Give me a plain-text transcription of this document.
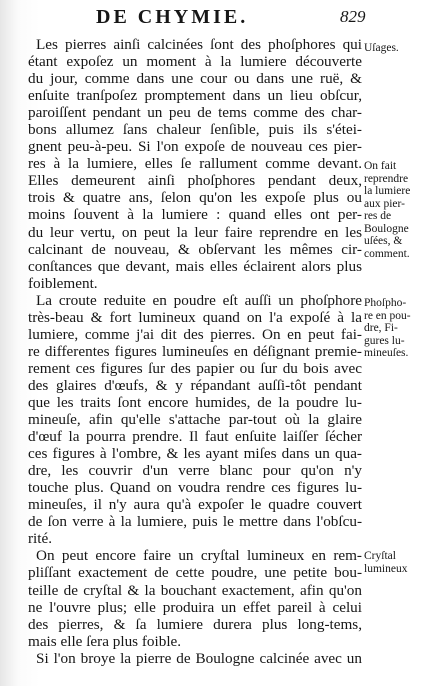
DE CHYMIE.	829
Les pierres ainſi calcinées ſont des phoſphores qui
étant expoſez un moment à la lumiere découverte
du jour, comme dans une cour ou dans une ruë, &
enſuite tranſpoſez promptement dans un lieu obſcur,
paroiſſent pendant un peu de tems comme des char-
bons allumez ſans chaleur ſenſible, puis ils s'étei-
gnent peu-à-peu. Si l'on expoſe de nouveau ces pier-
res à la lumiere, elles ſe rallument comme devant.
Elles demeurent ainſi phoſphores pendant deux,
trois & quatre ans, ſelon qu'on les expoſe plus ou
moins ſouvent à la lumiere : quand elles ont per-
du leur vertu, on peut la leur faire reprendre en les
calcinant de nouveau, & obſervant les mêmes cir-
conſtances que devant, mais elles éclairent alors plus
foiblement.
La croute reduite en poudre eſt auſſi un phoſphore
très-beau & fort lumineux quand on l'a expoſé à la
lumiere, comme j'ai dit des pierres. On en peut fai-
re differentes figures lumineuſes en déſignant premie-
rement ces figures ſur des papier ou ſur du bois avec
des glaires d'œufs, & y répandant auſſi-tôt pendant
que les traits ſont encore humides, de la poudre lu-
mineuſe, afin qu'elle s'attache par-tout où la glaire
d'œuf la pourra prendre. Il faut enſuite laiſſer ſécher
ces figures à l'ombre, & les ayant miſes dans un qua-
dre, les couvrir d'un verre blanc pour qu'on n'y
touche plus. Quand on voudra rendre ces figures lu-
mineuſes, il n'y aura qu'à expoſer le quadre couvert
de ſon verre à la lumiere, puis le mettre dans l'obſcu-
rité.
On peut encore faire un cryſtal lumineux en rem-
pliſſant exactement de cette poudre, une petite bou-
teille de cryſtal & la bouchant exactement, afin qu'on
ne l'ouvre plus; elle produira un effet pareil à celui
des pierres, & ſa lumiere durera plus long-tems,
mais elle ſera plus foible.
Si l'on broye la pierre de Boulogne calcinée avec un
Uſages.
On fait
reprendre
la lumiere
aux pier-
res de
Boulogne
uſées, &
comment.
Phoſpho-
re en pou-
dre, Fi-
gures lu-
mineuſes.
Cryſtal
lumineux
